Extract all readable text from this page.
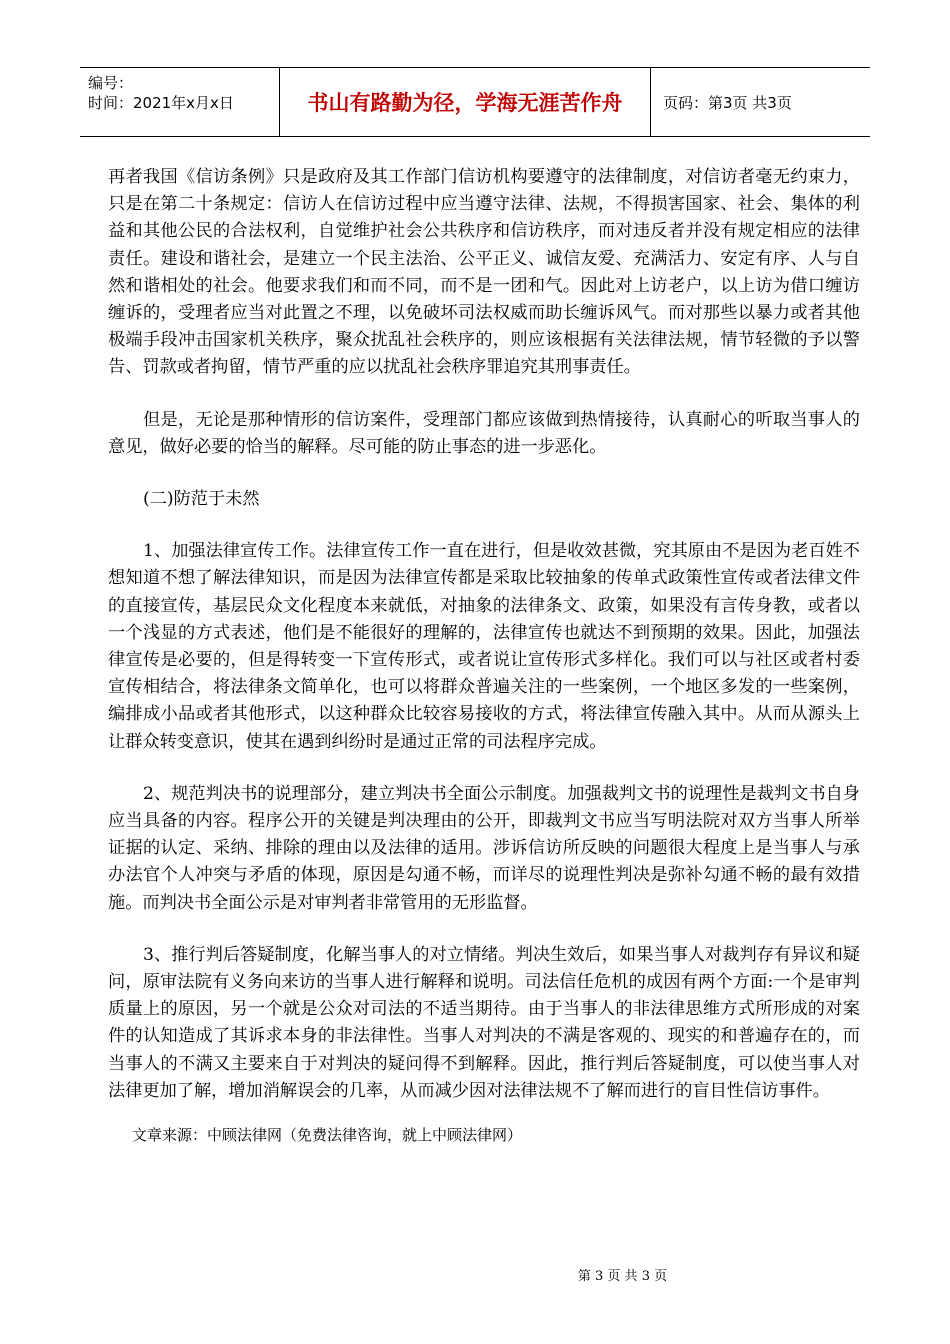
编号：
时间：2021年x月x日	书山有路勤为径，学海无涯苦作舟	页码：第3页 共3页

再者我国《信访条例》只是政府及其工作部门信访机构要遵守的法律制度，对信访者毫无约束力，只是在第二十条规定：信访人在信访过程中应当遵守法律、法规，不得损害国家、社会、集体的利益和其他公民的合法权利，自觉维护社会公共秩序和信访秩序，而对违反者并没有规定相应的法律责任。建设和谐社会，是建立一个民主法治、公平正义、诚信友爱、充满活力、安定有序、人与自然和谐相处的社会。他要求我们和而不同，而不是一团和气。因此对上访老户，以上访为借口缠访缠诉的，受理者应当对此置之不理，以免破坏司法权威而助长缠诉风气。而对那些以暴力或者其他极端手段冲击国家机关秩序，聚众扰乱社会秩序的，则应该根据有关法律法规，情节轻微的予以警告、罚款或者拘留，情节严重的应以扰乱社会秩序罪追究其刑事责任。

但是，无论是那种情形的信访案件，受理部门都应该做到热情接待，认真耐心的听取当事人的意见，做好必要的恰当的解释。尽可能的防止事态的进一步恶化。

(二)防范于未然

1、加强法律宣传工作。法律宣传工作一直在进行，但是收效甚微，究其原由不是因为老百姓不想知道不想了解法律知识，而是因为法律宣传都是采取比较抽象的传单式政策性宣传或者法律文件的直接宣传，基层民众文化程度本来就低，对抽象的法律条文、政策，如果没有言传身教，或者以一个浅显的方式表述，他们是不能很好的理解的，法律宣传也就达不到预期的效果。因此，加强法律宣传是必要的，但是得转变一下宣传形式，或者说让宣传形式多样化。我们可以与社区或者村委宣传相结合，将法律条文简单化，也可以将群众普遍关注的一些案例，一个地区多发的一些案例，编排成小品或者其他形式，以这种群众比较容易接收的方式，将法律宣传融入其中。从而从源头上让群众转变意识，使其在遇到纠纷时是通过正常的司法程序完成。

2、规范判决书的说理部分，建立判决书全面公示制度。加强裁判文书的说理性是裁判文书自身应当具备的内容。程序公开的关键是判决理由的公开，即裁判文书应当写明法院对双方当事人所举证据的认定、采纳、排除的理由以及法律的适用。涉诉信访所反映的问题很大程度上是当事人与承办法官个人冲突与矛盾的体现，原因是勾通不畅，而详尽的说理性判决是弥补勾通不畅的最有效措施。而判决书全面公示是对审判者非常管用的无形监督。

3、推行判后答疑制度，化解当事人的对立情绪。判决生效后，如果当事人对裁判存有异议和疑问，原审法院有义务向来访的当事人进行解释和说明。司法信任危机的成因有两个方面:一个是审判质量上的原因，另一个就是公众对司法的不适当期待。由于当事人的非法律思维方式所形成的对案件的认知造成了其诉求本身的非法律性。当事人对判决的不满是客观的、现实的和普遍存在的，而当事人的不满又主要来自于对判决的疑问得不到解释。因此，推行判后答疑制度，可以使当事人对法律更加了解，增加消解误会的几率，从而减少因对法律法规不了解而进行的盲目性信访事件。

文章来源：中顾法律网（免费法律咨询，就上中顾法律网）
第 3 页 共 3 页
